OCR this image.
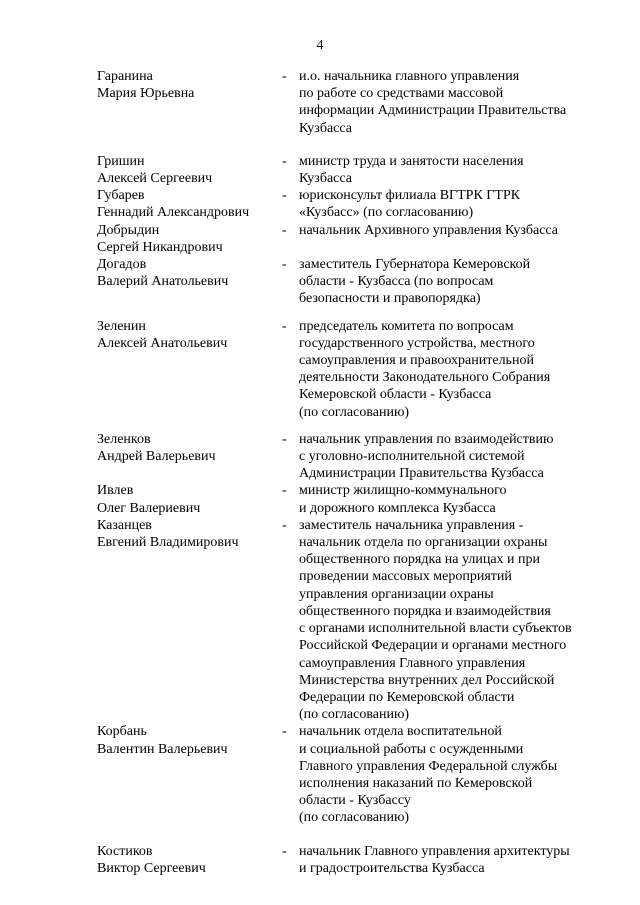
4
Гаранина
Мария Юрьевна
- и.о. начальника главного управления
по работе со средствами массовой
информации Администрации Правительства
Кузбасса
Гришин
Алексей Сергеевич
- министр труда и занятости населения
Кузбасса
Губарев
Геннадий Александрович
- юрисконсульт филиала ВГТРК ГТРК
«Кузбасс» (по согласованию)
Добрыдин
Сергей Никандрович
- начальник Архивного управления Кузбасса
Догадов
Валерий Анатольевич
- заместитель Губернатора Кемеровской
области - Кузбасса (по вопросам
безопасности и правопорядка)
Зеленин
Алексей Анатольевич
- председатель комитета по вопросам
государственного устройства, местного
самоуправления и правоохранительной
деятельности Законодательного Собрания
Кемеровской области - Кузбасса
(по согласованию)
Зеленков
Андрей Валерьевич
- начальник управления по взаимодействию
с уголовно-исполнительной системой
Администрации Правительства Кузбасса
Ивлев
Олег Валериевич
- министр жилищно-коммунального
и дорожного комплекса Кузбасса
Казанцев
Евгений Владимирович
- заместитель начальника управления -
начальник отдела по организации охраны
общественного порядка на улицах и при
проведении массовых мероприятий
управления организации охраны
общественного порядка и взаимодействия
с органами исполнительной власти субъектов
Российской Федерации и органами местного
самоуправления Главного управления
Министерства внутренних дел Российской
Федерации по Кемеровской области
(по согласованию)
Корбань
Валентин Валерьевич
- начальник отдела воспитательной
и социальной работы с осужденными
Главного управления Федеральной службы
исполнения наказаний по Кемеровской
области - Кузбассу
(по согласованию)
Костиков
Виктор Сергеевич
- начальник Главного управления архитектуры
и градостроительства Кузбасса
